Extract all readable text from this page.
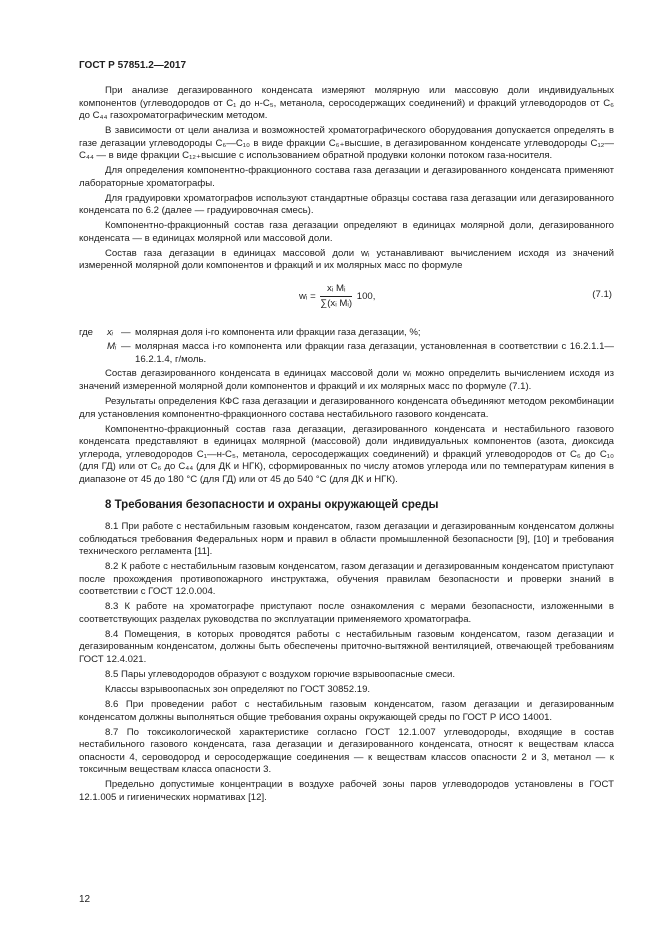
ГОСТ Р 57851.2—2017

При анализе дегазированного конденсата измеряют молярную или массовую доли индивидуальных компонентов (углеводородов от C₁ до н-C₅, метанола, серосодержащих соединений) и фракций углеводородов от C₆ до C₄₄ газохроматографическим методом.

В зависимости от цели анализа и возможностей хроматографического оборудования допускается определять в газе дегазации углеводороды C₆—C₁₀ в виде фракции C₆₊высшие, в дегазированном конденсате углеводороды C₁₂—C₄₄ — в виде фракции C₁₂₊высшие с использованием обратной продувки колонки потоком газа-носителя.

Для определения компонентно-фракционного состава газа дегазации и дегазированного конденсата применяют лабораторные хроматографы.

Для градуировки хроматографов используют стандартные образцы состава газа дегазации или дегазированного конденсата по 6.2 (далее — градуировочная смесь).

Компонентно-фракционный состав газа дегазации определяют в единицах молярной доли, дегазированного конденсата — в единицах молярной или массовой доли.

Состав газа дегазации в единицах массовой доли wᵢ устанавливают вычислением исходя из значений измеренной молярной доли компонентов и фракций и их молярных масс по формуле

wᵢ = $\frac{\text{xᵢ Mᵢ}}{\text{∑(xᵢ Mᵢ)}} 100$,	(7.1)
где	xᵢ — молярная доля i-го компонента или фракции газа дегазации, %;
Mᵢ — молярная масса i-го компонента или фракции газа дегазации, установленная в соответствии с 16.2.1.1—16.2.1.4, г/моль.

Состав дегазированного конденсата в единицах массовой доли wᵢ можно определить вычислением исходя из значений измеренной молярной доли компонентов и фракций и их молярных масс по формуле (7.1).

Результаты определения КФС газа дегазации и дегазированного конденсата объединяют методом рекомбинации для установления компонентно-фракционного состава нестабильного газового конденсата.

Компонентно-фракционный состав газа дегазации, дегазированного конденсата и нестабильного газового конденсата представляют в единицах молярной (массовой) доли индивидуальных компонентов (азота, диоксида углерода, углеводородов C₁—н-C₅, метанола, серосодержащих соединений) и фракций углеводородов от C₆ до C₁₀ (для ГД) или от C₆ до C₄₄ (для ДК и НГК), сформированных по числу атомов углерода или по температурам кипения в диапазоне от 45 до 180 °С (для ГД) или от 45 до 540 °С (для ДК и НГК).

8 Требования безопасности и охраны окружающей среды

8.1 При работе с нестабильным газовым конденсатом, газом дегазации и дегазированным конденсатом должны соблюдаться требования Федеральных норм и правил в области промышленной безопасности [9], [10] и требования технического регламента [11].

8.2 К работе с нестабильным газовым конденсатом, газом дегазации и дегазированным конденсатом приступают после прохождения противопожарного инструктажа, обучения правилам безопасности и проверки знаний в соответствии с ГОСТ 12.0.004.

8.3 К работе на хроматографе приступают после ознакомления с мерами безопасности, изложенными в соответствующих разделах руководства по эксплуатации применяемого хроматографа.

8.4 Помещения, в которых проводятся работы с нестабильным газовым конденсатом, газом дегазации и дегазированным конденсатом, должны быть обеспечены приточно-вытяжной вентиляцией, отвечающей требованиям ГОСТ 12.4.021.

8.5 Пары углеводородов образуют с воздухом горючие взрывоопасные смеси.

Классы взрывоопасных зон определяют по ГОСТ 30852.19.

8.6 При проведении работ с нестабильным газовым конденсатом, газом дегазации и дегазированным конденсатом должны выполняться общие требования охраны окружающей среды по ГОСТ Р ИСО 14001.

8.7 По токсикологической характеристике согласно ГОСТ 12.1.007 углеводороды, входящие в состав нестабильного газового конденсата, газа дегазации и дегазированного конденсата, относят к веществам класса опасности 4, сероводород и серосодержащие соединения — к веществам классов опасности 2 и 3, метанол — к токсичным веществам класса опасности 3.

Предельно допустимые концентрации в воздухе рабочей зоны паров углеводородов установлены в ГОСТ 12.1.005 и гигиенических нормативах [12].

12
